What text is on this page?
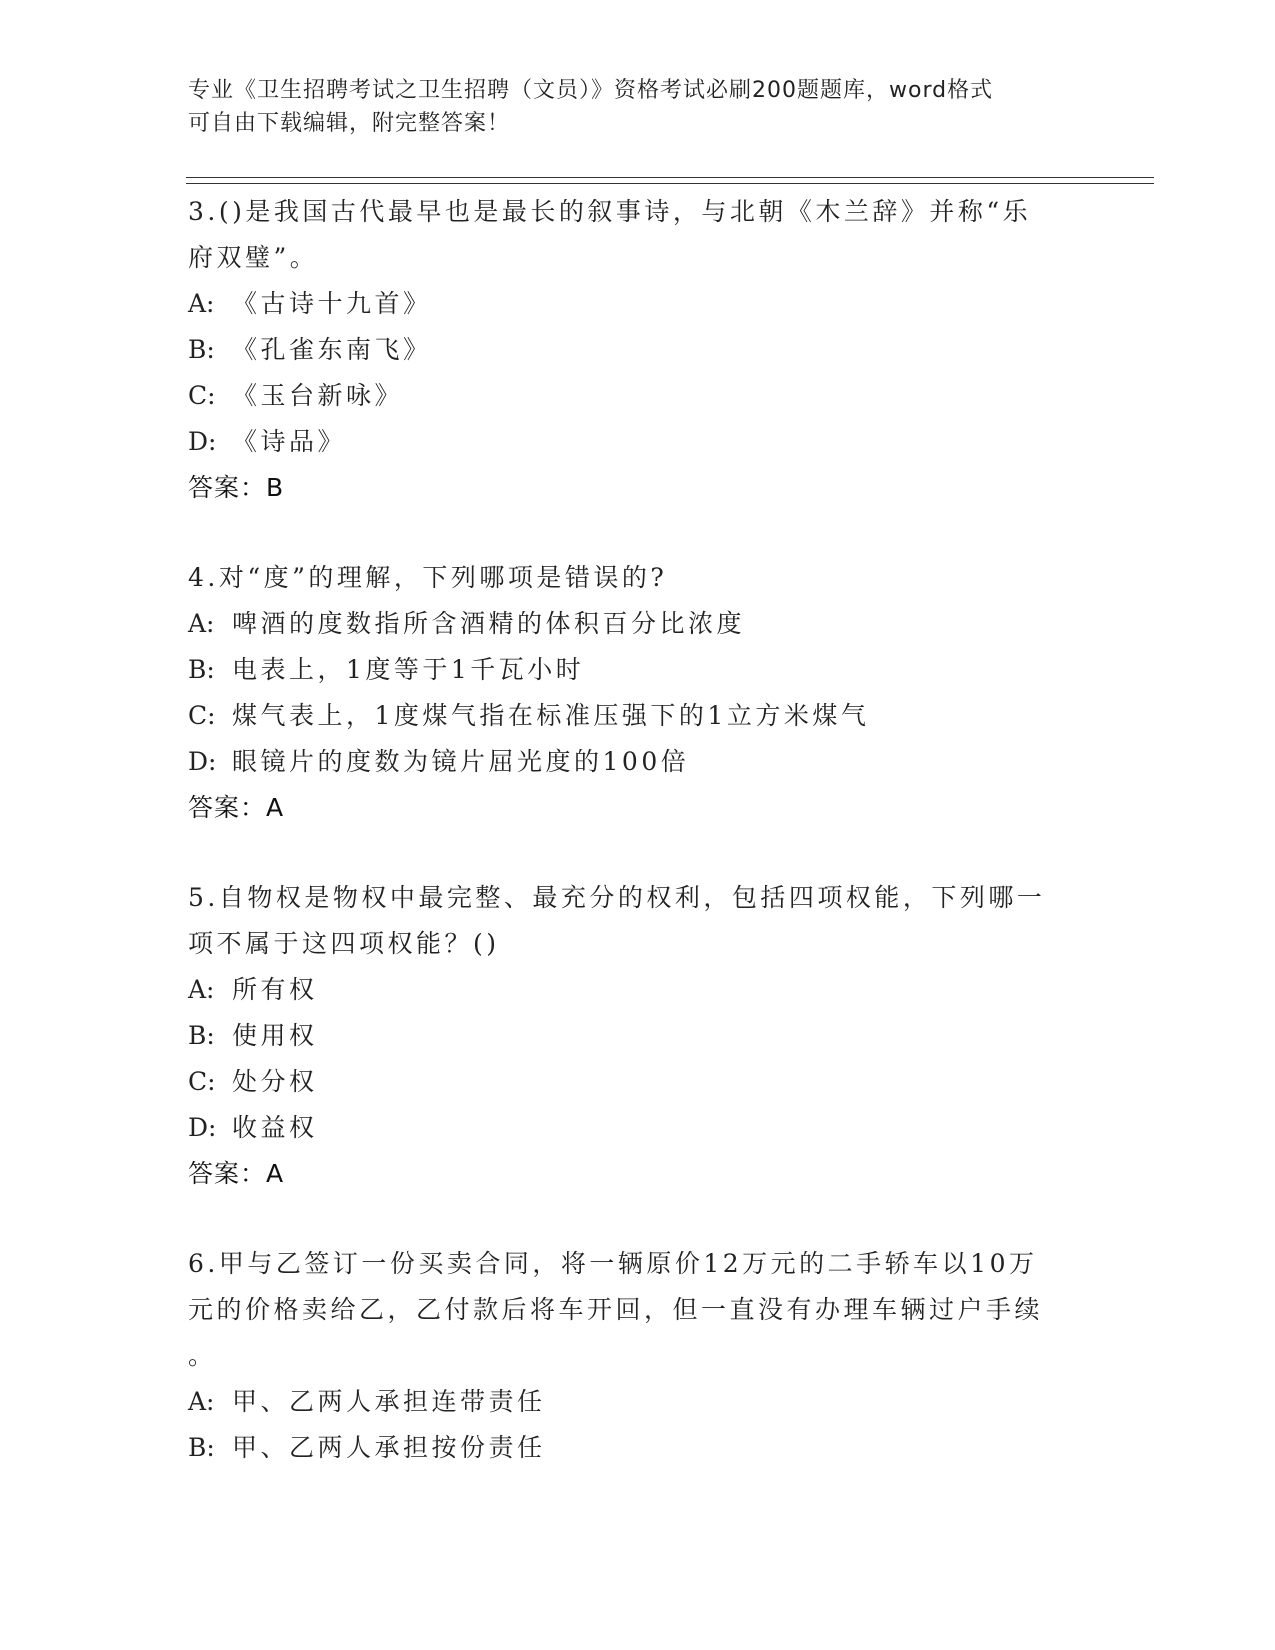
专业《卫生招聘考试之卫生招聘（文员）》资格考试必刷200题题库，word格式
可自由下载编辑，附完整答案！

3.()是我国古代最早也是最长的叙事诗，与北朝《木兰辞》并称“乐
府双璧”。

A: 《古诗十九首》

B: 《孔雀东南飞》

C: 《玉台新咏》

D: 《诗品》

答案：B

4.对“度”的理解，下列哪项是错误的?

A: 啤酒的度数指所含酒精的体积百分比浓度

B: 电表上，1度等于1千瓦小时

C: 煤气表上，1度煤气指在标准压强下的1立方米煤气

D: 眼镜片的度数为镜片屈光度的100倍

答案：A

5.自物权是物权中最完整、最充分的权利，包括四项权能，下列哪一
项不属于这四项权能？()

A: 所有权

B: 使用权

C: 处分权

D: 收益权

答案：A

6.甲与乙签订一份买卖合同，将一辆原价12万元的二手轿车以10万
元的价格卖给乙，乙付款后将车开回，但一直没有办理车辆过户手续
。

A: 甲、乙两人承担连带责任

B: 甲、乙两人承担按份责任
